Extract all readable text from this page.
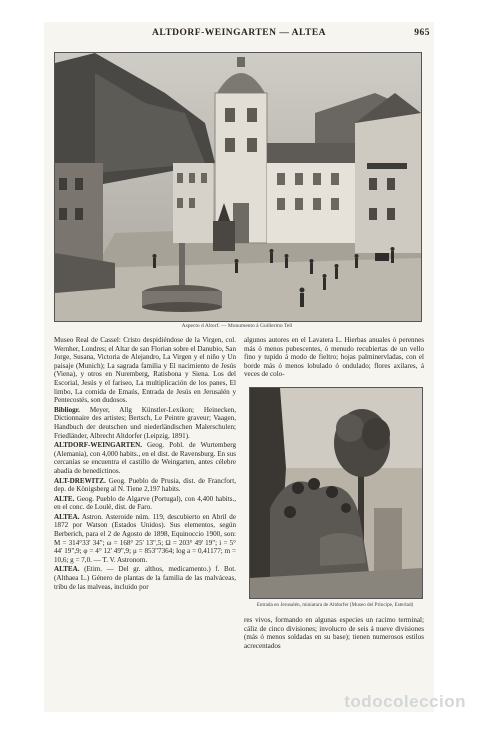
ALTDORF-WEINGARTEN — ALTEA	965
Aspecto d Altorf. — Monumento á Guillermo Tell

Museo Real de Cassel: Cristo despidiéndose de la Virgen, col. Wernher, Londres; el Altar de san Florian sobre el Danubio, San Jorge, Susana, Victoria de Alejandro, La Virgen y el niño y Un paisaje (Munich); La sagrada familia y El nacimiento de Jesús (Viena), y otros en Nuremberg, Ratisbona y Siena. Los del Escorial, Jesús y el fariseo, La multiplicación de los panes, El limbo, La comida de Emaús, Entrada de Jesús en Jerusalén y Pentecostés, son dudosos.

Bibliogr. Meyer, Allg Künstler-Lexikon; Heinecken, Dictionnaire des artistes; Bertsch, Le Peintre graveur; Vaagen, Handbuch der deutschen und niederländischen Malerschulen; Friedländer, Albrecht Altdorfer (Leipzig, 1891).

ALTDORF-WEINGARTEN. Geog. Pobl. de Wurtemberg (Alemania), con 4,000 habits., en el dist. de Ravensburg. En sus cercanías se encuentra el castillo de Weingarten, antes célebre abadía de benedictinos.

ALT-DREWITZ. Geog. Pueblo de Prusia, dist. de Francfort, dep. de Königsberg al N. Tiene 2,197 habits.

ALTE. Geog. Pueblo de Algarve (Portugal), con 4,400 habits., en el conc. de Loulé, dist. de Faro.

ALTEA. Astron. Asteroide núm. 119, descubierto en Abril de 1872 por Watson (Estados Unidos). Sus elementos, según Berberich, para el 2 de Agosto de 1898, Equinoccio 1900, son: M = 314°33' 34"; ω = 168° 25' 13",5; Ω = 203° 49' 19"; i = 5° 44' 19",9; φ = 4° 12' 49",9; μ = 853"7364; log a = 0,41177; m = 10,6; g = 7,0. — T. V. Astronom.

ALTEA. (Etim. — Del gr. althos, medicamento.) f. Bot. (Althaea L.) Género de plantas de la familia de las malváceas, tribu de las malveas, incluido por

algunos autores en el Lavatera L. Hierbas anuales ó perennes más ó menos pubescentes, ó menudo recubiertas de un vello fino y tupido á modo de fieltro; hojas palminervladas, con el borde más ó menos lobulado ó ondulado; flores axilares, á veces de colo-
Entrada en Jerusalén, miniatura de Altdorfer (Museo del Principe, Esterlad)
res vivos, formando en algunas especies un racimo terminal; cáliz de cinco divisiones; involucro de seis á nueve divisiones (más ó menos soldadas en su base); tienen numerosos estilos acrecentados
todocoleccion
